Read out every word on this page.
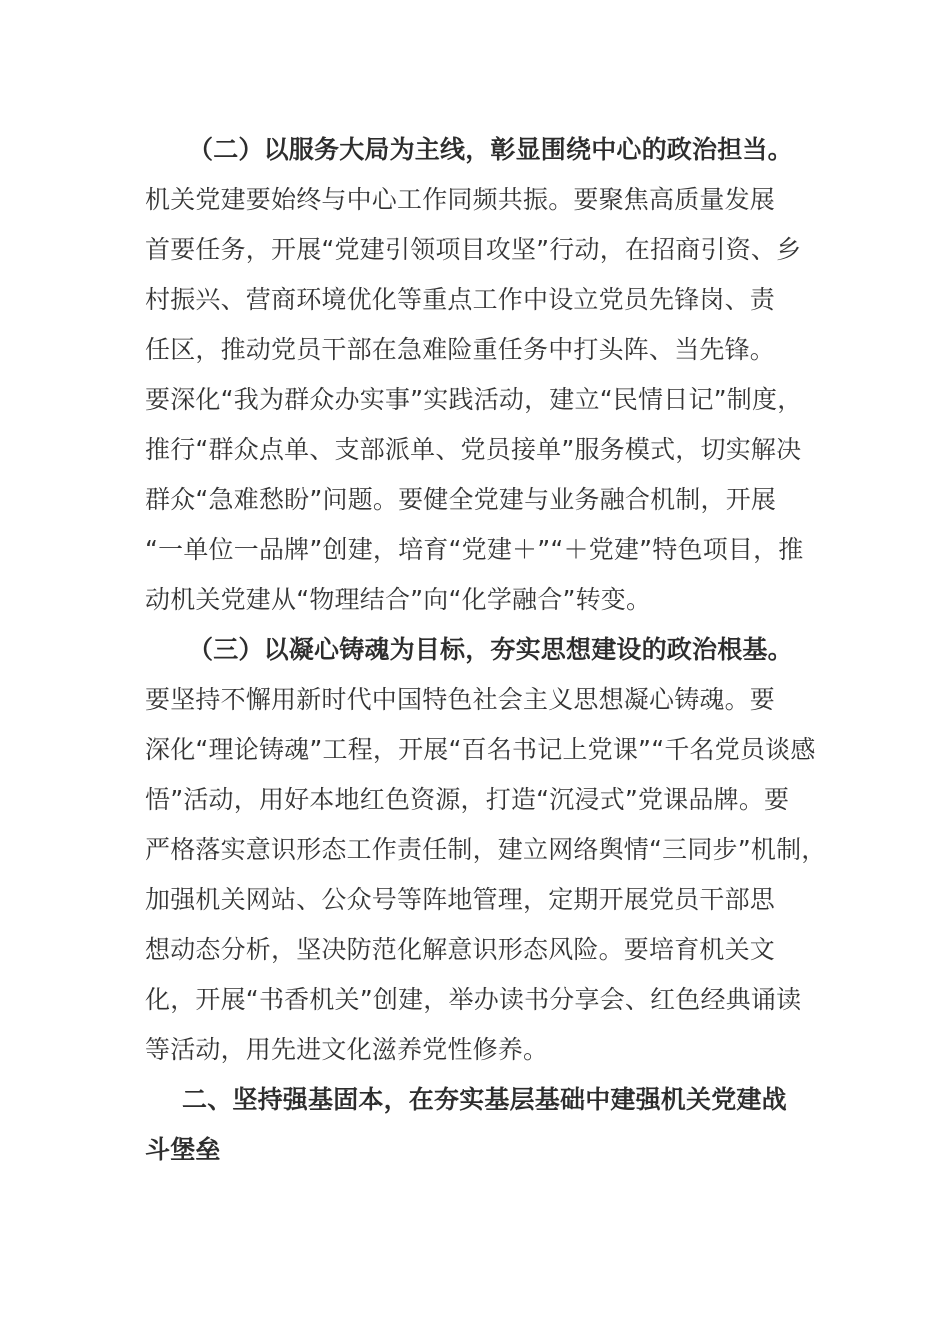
（二）以服务大局为主线，彰显围绕中心的政治担当。
机关党建要始终与中心工作同频共振。要聚焦高质量发展
首要任务，开展“党建引领项目攻坚”行动，在招商引资、乡
村振兴、营商环境优化等重点工作中设立党员先锋岗、责
任区，推动党员干部在急难险重任务中打头阵、当先锋。
要深化“我为群众办实事”实践活动，建立“民情日记”制度，
推行“群众点单、支部派单、党员接单”服务模式，切实解决
群众“急难愁盼”问题。要健全党建与业务融合机制，开展
“一单位一品牌”创建，培育“党建＋”“＋党建”特色项目，推
动机关党建从“物理结合”向“化学融合”转变。
（三）以凝心铸魂为目标，夯实思想建设的政治根基。
要坚持不懈用新时代中国特色社会主义思想凝心铸魂。要
深化“理论铸魂”工程，开展“百名书记上党课”“千名党员谈感
悟”活动，用好本地红色资源，打造“沉浸式”党课品牌。要
严格落实意识形态工作责任制，建立网络舆情“三同步”机制，
加强机关网站、公众号等阵地管理，定期开展党员干部思
想动态分析，坚决防范化解意识形态风险。要培育机关文
化，开展“书香机关”创建，举办读书分享会、红色经典诵读
等活动，用先进文化滋养党性修养。
二、坚持强基固本，在夯实基层基础中建强机关党建战
斗堡垒
